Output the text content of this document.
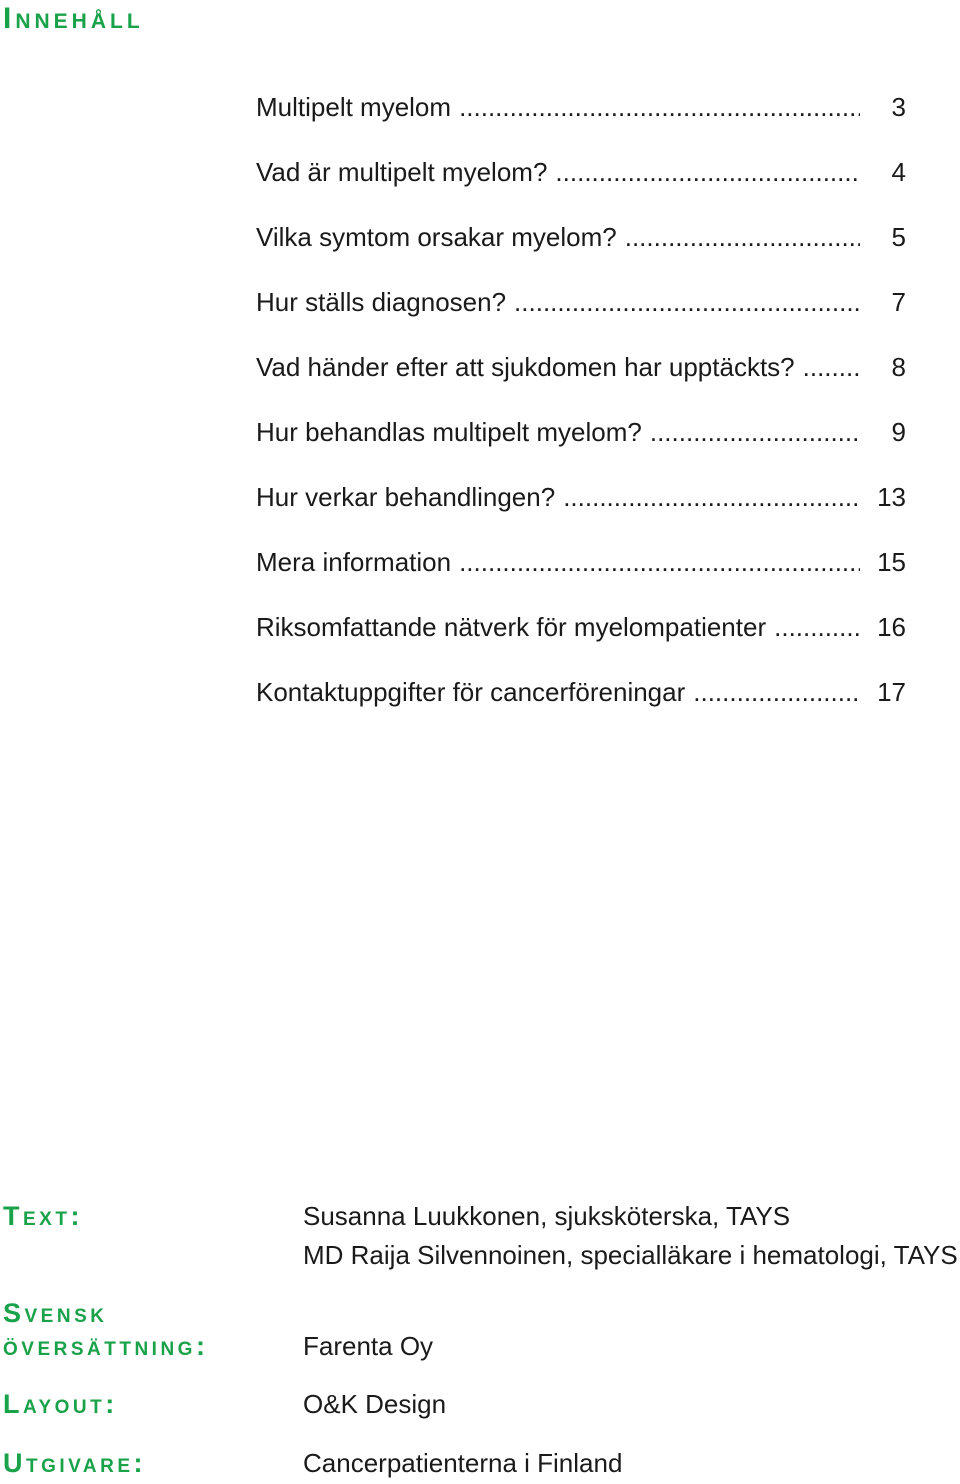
Innehåll
Multipelt myelom .....	3
Vad är multipelt myelom? .....	4
Vilka symtom orsakar myelom? .....	5
Hur ställs diagnosen? .....	7
Vad händer efter att sjukdomen har upptäckts? .....	8
Hur behandlas multipelt myelom? .....	9
Hur verkar behandlingen? .....	13
Mera information .....	15
Riksomfattande nätverk för myelompatienter .....	16
Kontaktuppgifter för cancerföreningar .....	17
Text:	Susanna Luukkonen, sjuksköterska, TAYS
MD Raija Silvennoinen, specialläkare i hematologi, TAYS
Svensk
översättning:	Farenta Oy
Layout:	O&K Design
Utgivare:	Cancerpatienterna i Finland
